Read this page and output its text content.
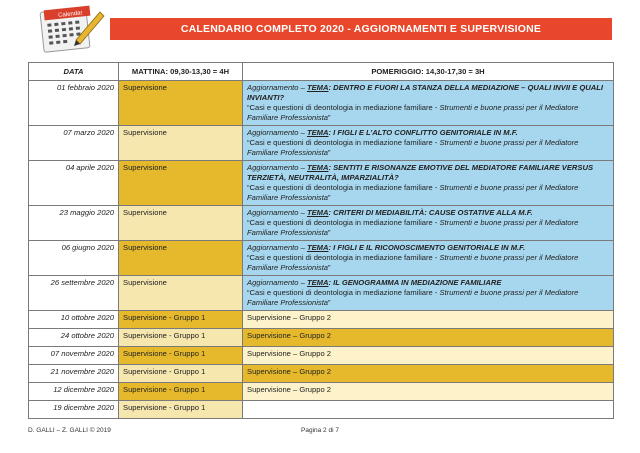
Calendar
CALENDARIO COMPLETO 2020 - AGGIORNAMENTI E SUPERVISIONE
DATA	MATTINA: 09,30-13,30 = 4H	POMERIGGIO: 14,30-17,30 = 3H
01 febbraio 2020	Supervisione	Aggiornamento – TEMA: DENTRO E FUORI LA STANZA DELLA MEDIAZIONE – QUALI INVII E QUALI INVIANTI?
“Casi e questioni di deontologia in mediazione familiare - Strumenti e buone prassi per il Mediatore Familiare Professionista”

07 marzo 2020	Supervisione	Aggiornamento – TEMA: I FIGLI E L’ALTO CONFLITTO GENITORIALE IN M.F.
“Casi e questioni di deontologia in mediazione familiare - Strumenti e buone prassi per il Mediatore Familiare Professionista”

04 aprile 2020	Supervisione	Aggiornamento – TEMA: SENTITI E RISONANZE EMOTIVE DEL MEDIATORE FAMILIARE VERSUS TERZIETÀ, NEUTRALITÀ, IMPARZIALITÀ?
“Casi e questioni di deontologia in mediazione familiare - Strumenti e buone prassi per il Mediatore Familiare Professionista”

23 maggio 2020	Supervisione	Aggiornamento – TEMA: CRITERI DI MEDIABILITÀ: CAUSE OSTATIVE ALLA M.F.
“Casi e questioni di deontologia in mediazione familiare - Strumenti e buone prassi per il Mediatore Familiare Professionista”

06 giugno 2020	Supervisione	Aggiornamento – TEMA: I FIGLI E IL RICONOSCIMENTO GENITORIALE IN M.F.
“Casi e questioni di deontologia in mediazione familiare - Strumenti e buone prassi per il Mediatore Familiare Professionista”

26 settembre 2020	Supervisione	Aggiornamento – TEMA: IL GENOGRAMMA IN MEDIAZIONE FAMILIARE
“Casi e questioni di deontologia in mediazione familiare - Strumenti e buone prassi per il Mediatore Familiare Professionista”

10 ottobre 2020	Supervisione - Gruppo 1	Supervisione – Gruppo 2
24 ottobre 2020	Supervisione - Gruppo 1	Supervisione – Gruppo 2
07 novembre 2020	Supervisione - Gruppo 1	Supervisione – Gruppo 2
21 novembre 2020	Supervisione - Gruppo 1	Supervisione – Gruppo 2
12 dicembre 2020	Supervisione - Gruppo 1	Supervisione – Gruppo 2
19 dicembre 2020	Supervisione - Gruppo 1	
D. GALLI – Z. GALLI © 2019	Pagina 2 di 7
